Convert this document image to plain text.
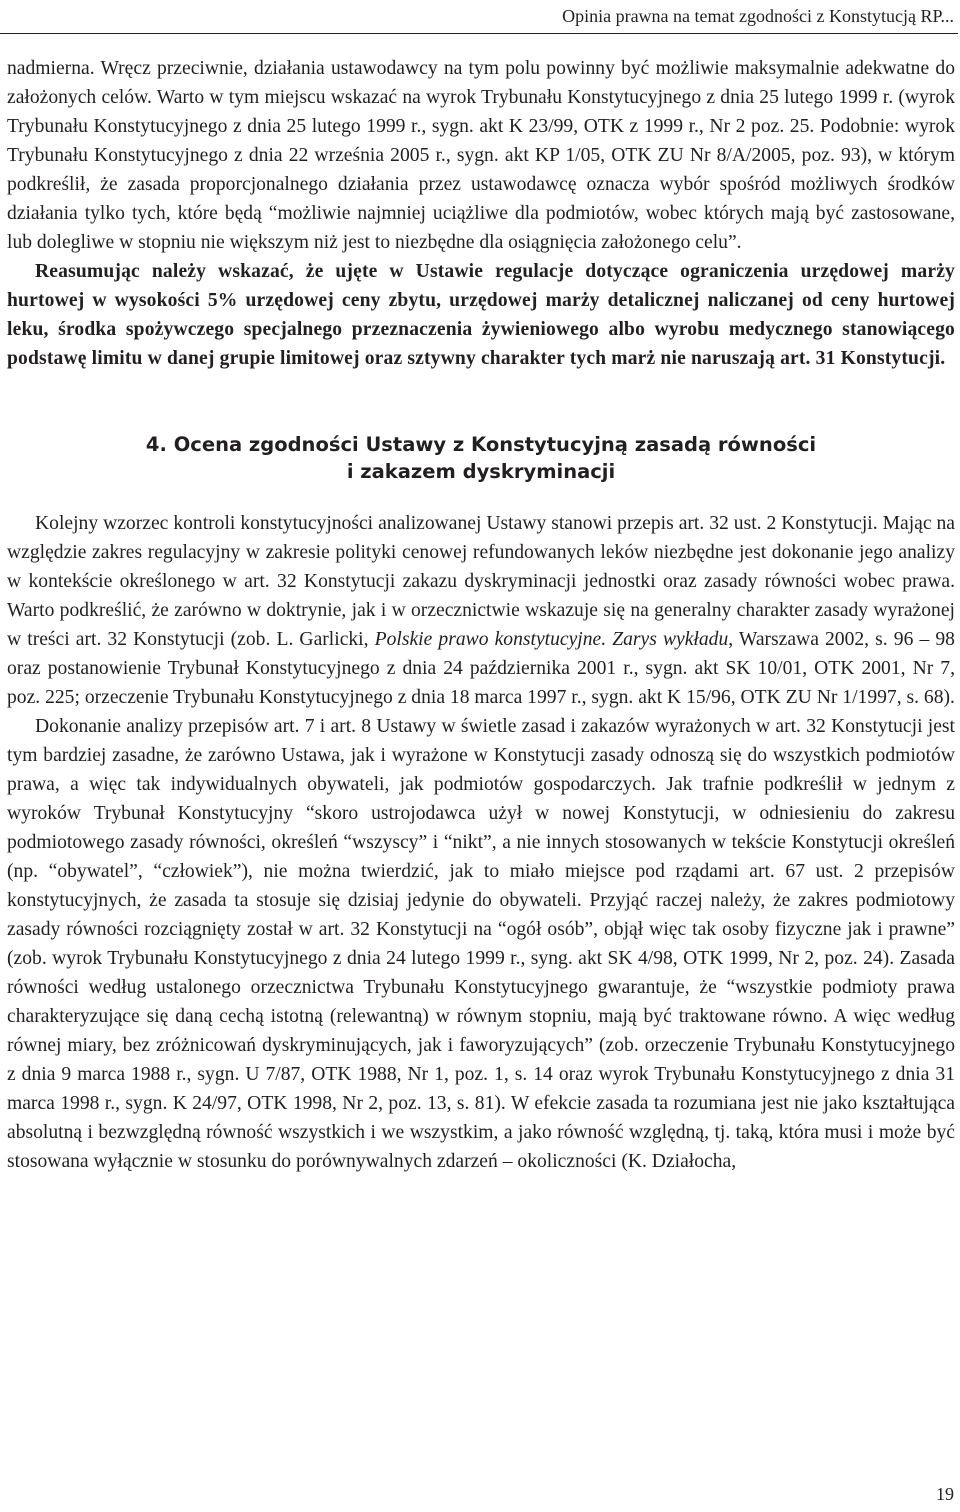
Opinia prawna na temat zgodności z Konstytucją RP...

nadmierna. Wręcz przeciwnie, działania ustawodawcy na tym polu powinny być możliwie maksymalnie adekwatne do założonych celów. Warto w tym miejscu wskazać na wyrok Trybunału Konstytucyjnego z dnia 25 lutego 1999 r. (wyrok Trybunału Konstytucyjnego z dnia 25 lutego 1999 r., sygn. akt K 23/99, OTK z 1999 r., Nr 2 poz. 25. Podobnie: wyrok Trybunału Konstytucyjnego z dnia 22 września 2005 r., sygn. akt KP 1/05, OTK ZU Nr 8/A/2005, poz. 93), w którym podkreślił, że zasada proporcjonalnego działania przez ustawodawcę oznacza wybór spośród możliwych środków działania tylko tych, które będą “możliwie najmniej uciążliwe dla podmiotów, wobec których mają być zastosowane, lub dolegliwe w stopniu nie większym niż jest to niezbędne dla osiągnięcia założonego celu”.

Reasumując należy wskazać, że ujęte w Ustawie regulacje dotyczące ograniczenia urzędowej marży hurtowej w wysokości 5% urzędowej ceny zbytu, urzędowej marży detalicznej naliczanej od ceny hurtowej leku, środka spożywczego specjalnego przeznaczenia żywieniowego albo wyrobu medycznego stanowiącego podstawę limitu w danej grupie limitowej oraz sztywny charakter tych marż nie naruszają art. 31 Konstytucji.

4. Ocena zgodności Ustawy z Konstytucyjną zasadą równości
i zakazem dyskryminacji

Kolejny wzorzec kontroli konstytucyjności analizowanej Ustawy stanowi przepis art. 32 ust. 2 Konstytucji. Mając na względzie zakres regulacyjny w zakresie polityki cenowej refundowanych leków niezbędne jest dokonanie jego analizy w kontekście określonego w art. 32 Konstytucji zakazu dyskryminacji jednostki oraz zasady równości wobec prawa. Warto podkreślić, że zarówno w doktrynie, jak i w orzecznictwie wskazuje się na generalny charakter zasady wyrażonej w treści art. 32 Konstytucji (zob. L. Garlicki, Polskie prawo konstytucyjne. Zarys wykładu, Warszawa 2002, s. 96 – 98 oraz postanowienie Trybunał Konstytucyjnego z dnia 24 października 2001 r., sygn. akt SK 10/01, OTK 2001, Nr 7, poz. 225; orzeczenie Trybunału Konstytucyjnego z dnia 18 marca 1997 r., sygn. akt K 15/96, OTK ZU Nr 1/1997, s. 68).

Dokonanie analizy przepisów art. 7 i art. 8 Ustawy w świetle zasad i zakazów wyrażonych w art. 32 Konstytucji jest tym bardziej zasadne, że zarówno Ustawa, jak i wyrażone w Konstytucji zasady odnoszą się do wszystkich podmiotów prawa, a więc tak indywidualnych obywateli, jak podmiotów gospodarczych. Jak trafnie podkreślił w jednym z wyroków Trybunał Konstytucyjny “skoro ustrojodawca użył w nowej Konstytucji, w odniesieniu do zakresu podmiotowego zasady równości, określeń “wszyscy” i “nikt”, a nie innych stosowanych w tekście Konstytucji określeń (np. “obywatel”, “człowiek”), nie można twierdzić, jak to miało miejsce pod rządami art. 67 ust. 2 przepisów konstytucyjnych, że zasada ta stosuje się dzisiaj jedynie do obywateli. Przyjąć raczej należy, że zakres podmiotowy zasady równości rozciągnięty został w art. 32 Konstytucji na “ogół osób”, objął więc tak osoby fizyczne jak i prawne” (zob. wyrok Trybunału Konstytucyjnego z dnia 24 lutego 1999 r., syng. akt SK 4/98, OTK 1999, Nr 2, poz. 24). Zasada równości według ustalonego orzecznictwa Trybunału Konstytucyjnego gwarantuje, że “wszystkie podmioty prawa charakteryzujące się daną cechą istotną (relewantną) w równym stopniu, mają być traktowane równo. A więc według równej miary, bez zróżnicowań dyskryminujących, jak i faworyzujących” (zob. orzeczenie Trybunału Konstytucyjnego z dnia 9 marca 1988 r., sygn. U 7/87, OTK 1988, Nr 1, poz. 1, s. 14 oraz wyrok Trybunału Konstytucyjnego z dnia 31 marca 1998 r., sygn. K 24/97, OTK 1998, Nr 2, poz. 13, s. 81). W efekcie zasada ta rozumiana jest nie jako kształtująca absolutną i bezwzględną równość wszystkich i we wszystkim, a jako równość względną, tj. taką, która musi i może być stosowana wyłącznie w stosunku do porównywalnych zdarzeń – okoliczności (K. Działocha,

19
